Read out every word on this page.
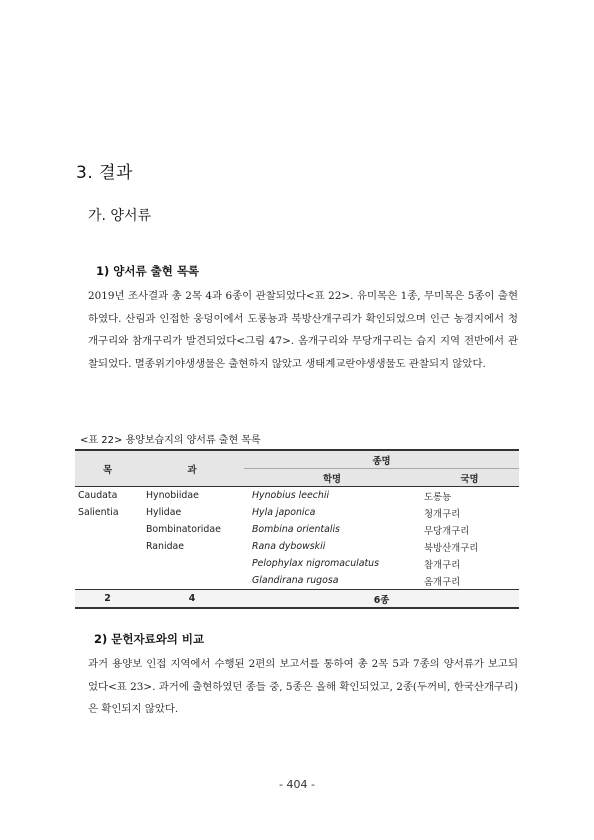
3. 결과
가. 양서류
1) 양서류 출현 목록
2019년 조사결과 총 2목 4과 6종이 관찰되었다<표 22>. 유미목은 1종, 무미목은 5종이 출현하였다. 산림과 인접한 웅덩이에서 도롱뇽과 북방산개구리가 확인되었으며 인근 농경지에서 청개구리와 참개구리가 발견되었다<그림 47>. 옴개구리와 무당개구리는 습지 지역 전반에서 관찰되었다. 멸종위기야생생물은 출현하지 않았고 생태계교란야생생물도 관찰되지 않았다.
<표 22> 용양보습지의 양서류 출현 목록
목	과	종명	
		학명	국명
Caudata	Hynobiidae	Hynobius leechii	도롱뇽
Salientia	Hylidae	Hyla japonica	청개구리
	Bombinatoridae	Bombina orientalis	무당개구리
	Ranidae	Rana dybowskii	북방산개구리
		Pelophylax nigromaculatus	참개구리
		Glandirana rugosa	옴개구리
2	4	6종	
2) 문헌자료와의 비교
과거 용양보 인접 지역에서 수행된 2편의 보고서를 통하여 총 2목 5과 7종의 양서류가 보고되었다<표 23>. 과거에 출현하였던 종들 중, 5종은 올해 확인되었고, 2종(두꺼비, 한국산개구리)은 확인되지 않았다.
- 404 -
